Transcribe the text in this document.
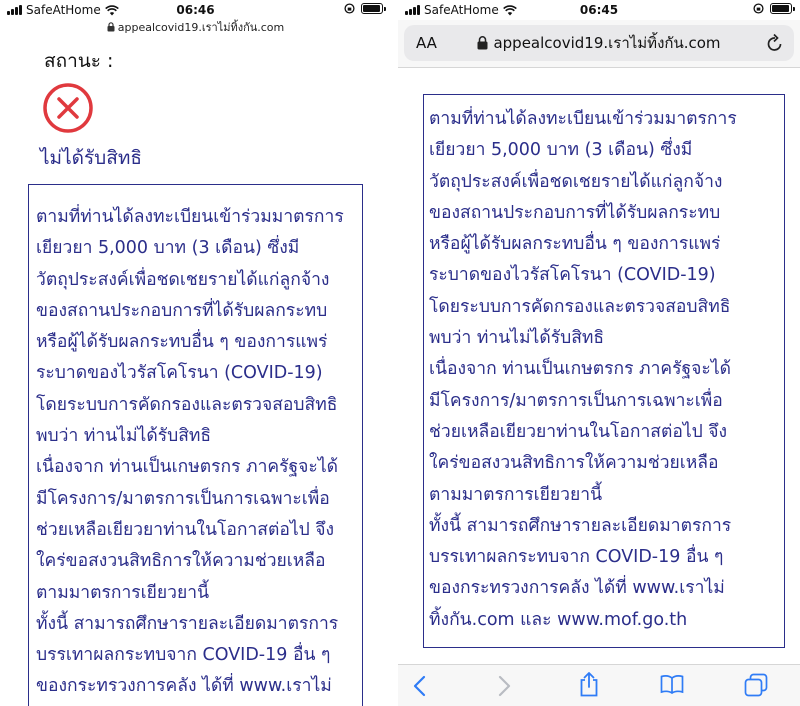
SafeAtHome	06:46
appealcovid19.เราไม่ทิ้งกัน.com
สถานะ :
ไม่ได้รับสิทธิ
ตามที่ท่านได้ลงทะเบียนเข้าร่วมมาตรการ
เยียวยา 5,000 บาท (3 เดือน) ซึ่งมี
วัตถุประสงค์เพื่อชดเชยรายได้แก่ลูกจ้าง
ของสถานประกอบการที่ได้รับผลกระทบ
หรือผู้ได้รับผลกระทบอื่น ๆ ของการแพร่
ระบาดของไวรัสโคโรนา (COVID-19)
โดยระบบการคัดกรองและตรวจสอบสิทธิ
พบว่า ท่านไม่ได้รับสิทธิ
เนื่องจาก ท่านเป็นเกษตรกร ภาครัฐจะได้
มีโครงการ/มาตรการเป็นการเฉพาะเพื่อ
ช่วยเหลือเยียวยาท่านในโอกาสต่อไป จึง
ใคร่ขอสงวนสิทธิการให้ความช่วยเหลือ
ตามมาตรการเยียวยานี้
ทั้งนี้ สามารถศึกษารายละเอียดมาตรการ
บรรเทาผลกระทบจาก COVID-19 อื่น ๆ
ของกระทรวงการคลัง ได้ที่ www.เราไม่
SafeAtHome	06:45
AA	appealcovid19.เราไม่ทิ้งกัน.com
ตามที่ท่านได้ลงทะเบียนเข้าร่วมมาตรการ
เยียวยา 5,000 บาท (3 เดือน) ซึ่งมี
วัตถุประสงค์เพื่อชดเชยรายได้แก่ลูกจ้าง
ของสถานประกอบการที่ได้รับผลกระทบ
หรือผู้ได้รับผลกระทบอื่น ๆ ของการแพร่
ระบาดของไวรัสโคโรนา (COVID-19)
โดยระบบการคัดกรองและตรวจสอบสิทธิ
พบว่า ท่านไม่ได้รับสิทธิ
เนื่องจาก ท่านเป็นเกษตรกร ภาครัฐจะได้
มีโครงการ/มาตรการเป็นการเฉพาะเพื่อ
ช่วยเหลือเยียวยาท่านในโอกาสต่อไป จึง
ใคร่ขอสงวนสิทธิการให้ความช่วยเหลือ
ตามมาตรการเยียวยานี้
ทั้งนี้ สามารถศึกษารายละเอียดมาตรการ
บรรเทาผลกระทบจาก COVID-19 อื่น ๆ
ของกระทรวงการคลัง ได้ที่ www.เราไม่
ทิ้งกัน.com และ www.mof.go.th
